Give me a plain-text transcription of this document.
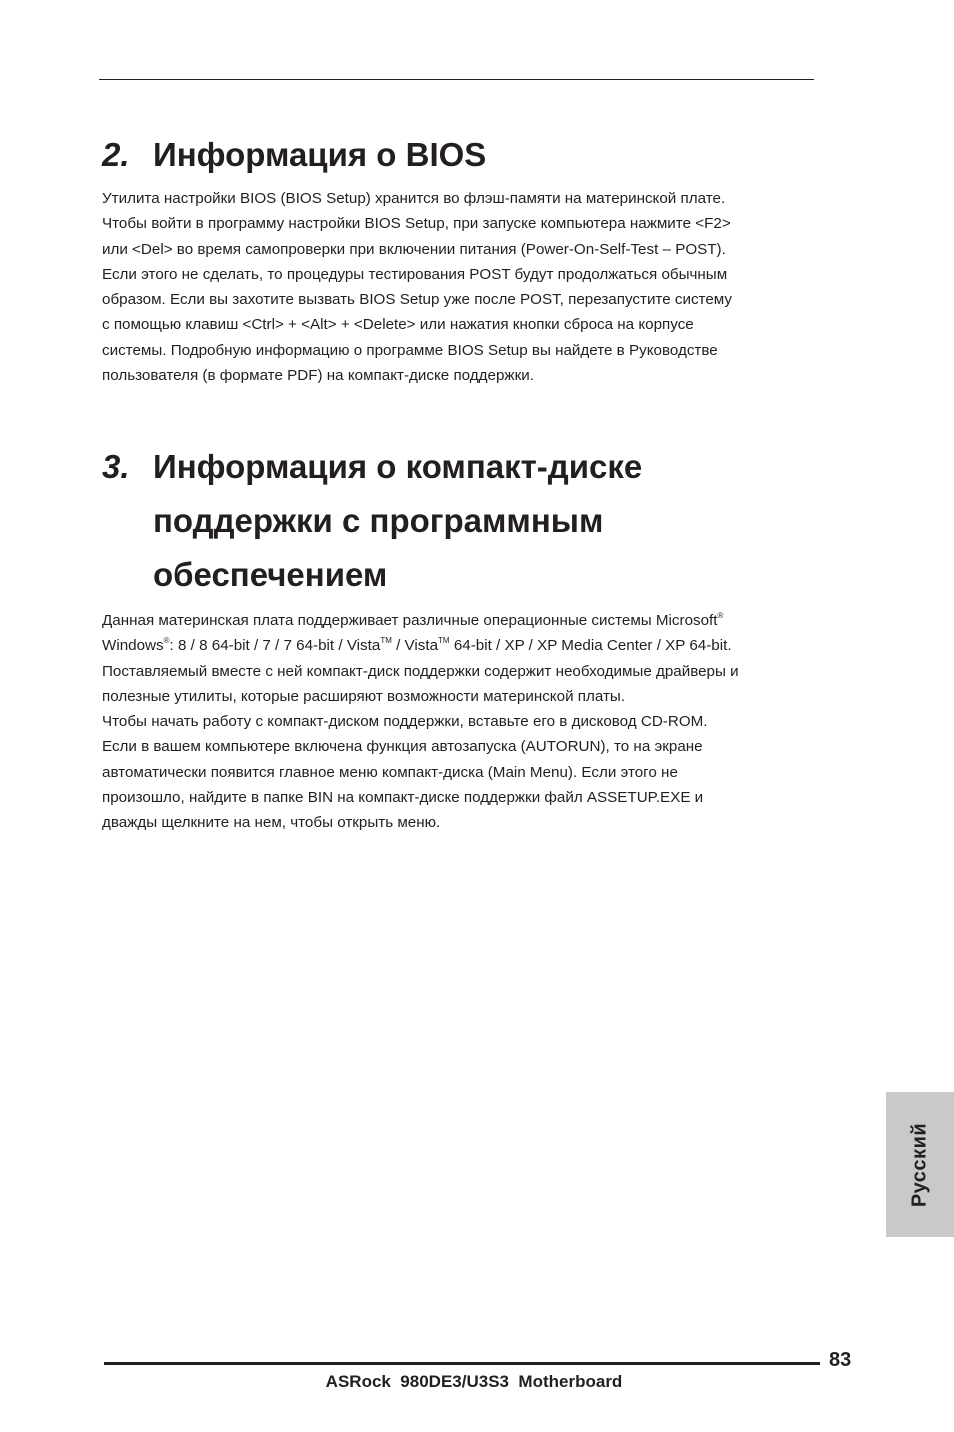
2. Информация о BIOS

Утилита настройки BIOS (BIOS Setup) хранится во флэш-памяти на материнской плате.
Чтобы войти в программу настройки BIOS Setup, при запуске компьютера нажмите <F2>
или <Del> во время самопроверки при включении питания (Power-On-Self-Test – POST).
Если этого не сделать, то процедуры тестирования POST будут продолжаться обычным
образом. Если вы захотите вызвать BIOS Setup уже после POST, перезапустите систему
с помощью клавиш <Ctrl> + <Alt> + <Delete> или нажатия кнопки сброса на корпусе
системы. Подробную информацию о программе BIOS Setup вы найдете в Руководстве
пользователя (в формате PDF) на компакт-диске поддержки.

3. Информация о компакт-диске
поддержки с программным
обеспечением

Данная материнская плата поддерживает различные операционные системы Microsoft®
Windows®: 8 / 8 64-bit / 7 / 7 64-bit / Vista™ / Vista™ 64-bit / XP / XP Media Center / XP 64-bit.
Поставляемый вместе с ней компакт-диск поддержки содержит необходимые драйверы и
полезные утилиты, которые расширяют возможности материнской платы.
Чтобы начать работу с компакт-диском поддержки, вставьте его в дисковод CD-ROM.
Если в вашем компьютере включена функция автозапуска (AUTORUN), то на экране
автоматически появится главное меню компакт-диска (Main Menu). Если этого не
произошло, найдите в папке BIN на компакт-диске поддержки файл ASSETUP.EXE и
дважды щелкните на нем, чтобы открыть меню.

Русский
83
ASRock  980DE3/U3S3  Motherboard
